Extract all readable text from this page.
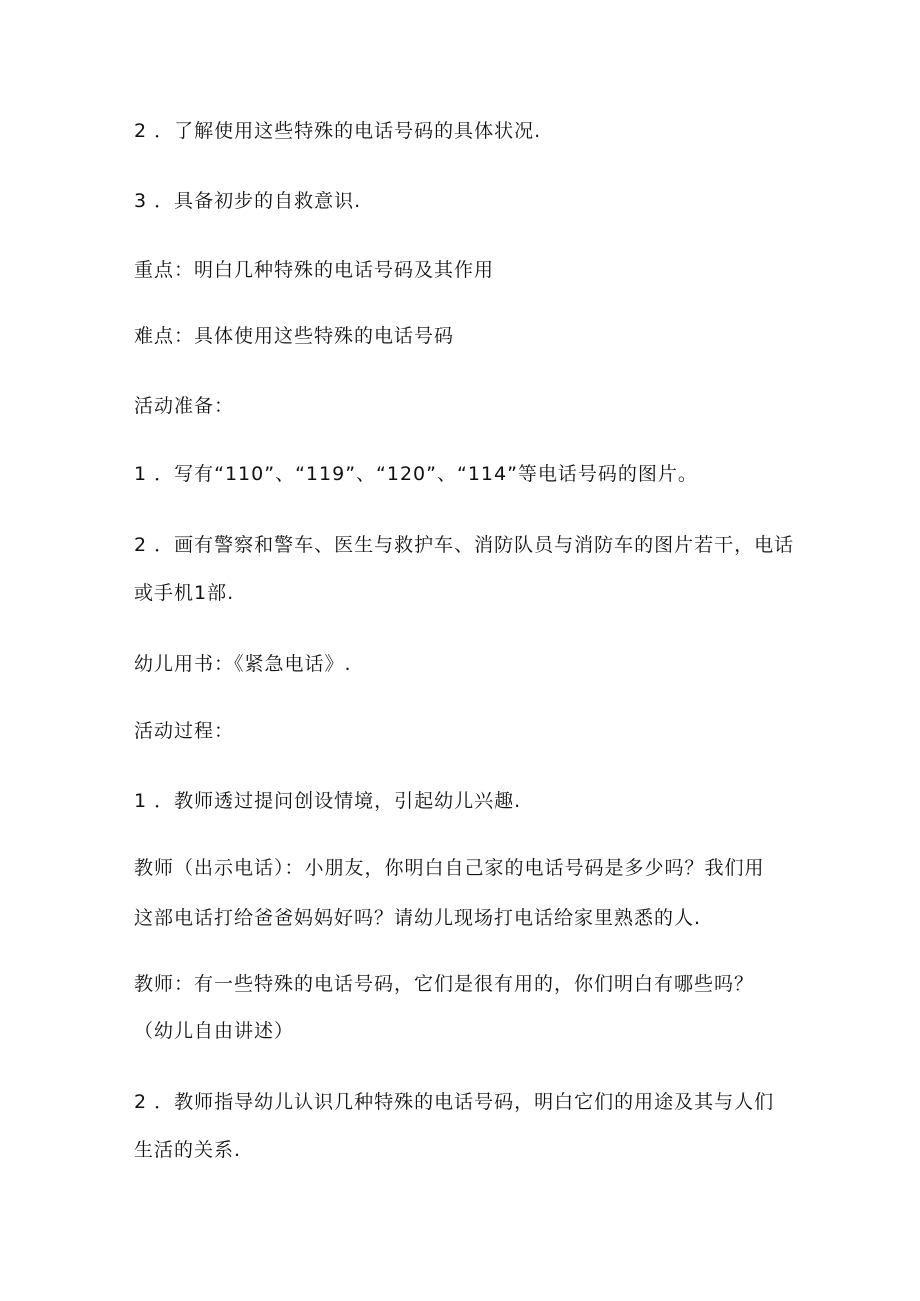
2 ．了解使用这些特殊的电话号码的具体状况.
3 ．具备初步的自救意识.
重点：明白几种特殊的电话号码及其作用
难点：具体使用这些特殊的电话号码
活动准备：
1 ．写有“110”、“119”、“120”、“114”等电话号码的图片。
2 ．画有警察和警车、医生与救护车、消防队员与消防车的图片若干，电话
或手机1部.
幼儿用书：《紧急电话》.
活动过程：
1 ．教师透过提问创设情境，引起幼儿兴趣.
教师（出示电话）：小朋友，你明白自己家的电话号码是多少吗？我们用
这部电话打给爸爸妈妈好吗？请幼儿现场打电话给家里熟悉的人.
教师：有一些特殊的电话号码，它们是很有用的，你们明白有哪些吗？
（幼儿自由讲述）
2 ．教师指导幼儿认识几种特殊的电话号码，明白它们的用途及其与人们
生活的关系.
